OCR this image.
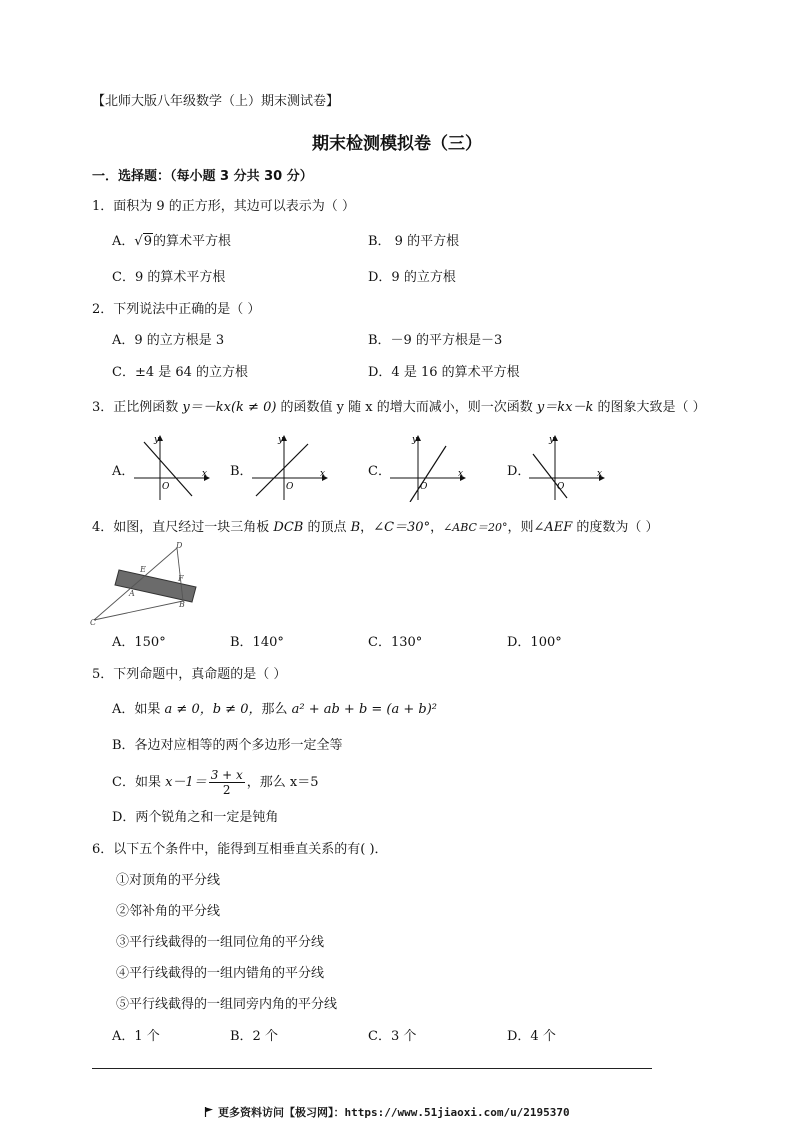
【北师大版八年级数学（上）期末测试卷】
期末检测模拟卷（三）
一．选择题：（每小题 3 分共 30 分）
1．面积为 9 的正方形，其边可以表示为（ ）
A．√9的算术平方根	B． 9 的平方根
C．9 的算术平方根	D．9 的立方根
2．下列说法中正确的是（ ）
A．9 的立方根是 3	B．－9 的平方根是－3
C．±4 是 64 的立方根	D．4 是 16 的算术平方根
3．正比例函数 y＝－kx(k ≠ 0) 的函数值 y 随 x 的增大而减小，则一次函数 y＝kx－k 的图象大致是（ ）
A．
y
x
O
B．
y
x
O
C．
y
x
O
D．
y
x
O
4．如图，直尺经过一块三角板 DCB 的顶点 B，∠C＝30°，∠ABC＝20°，则∠AEF 的度数为（ ）
D
E
F
A
B
C
A．150°	B．140°	C．130°	D．100°
5．下列命题中，真命题的是（ ）
A．如果 a ≠ 0，b ≠ 0，那么 a² + ab + b = (a + b)²
B．各边对应相等的两个多边形一定全等
C．如果 $x-1= \frac{3 + x}{2}$ ，那么 x＝5
D．两个锐角之和一定是钝角
6．以下五个条件中，能得到互相垂直关系的有( )．
①对顶角的平分线
②邻补角的平分线
③平行线截得的一组同位角的平分线
④平行线截得的一组内错角的平分线
⑤平行线截得的一组同旁内角的平分线
A．1 个	B．2 个	C．3 个	D．4 个
更多资料访问【极习网】：https://www.51jiaoxi.com/u/2195370
